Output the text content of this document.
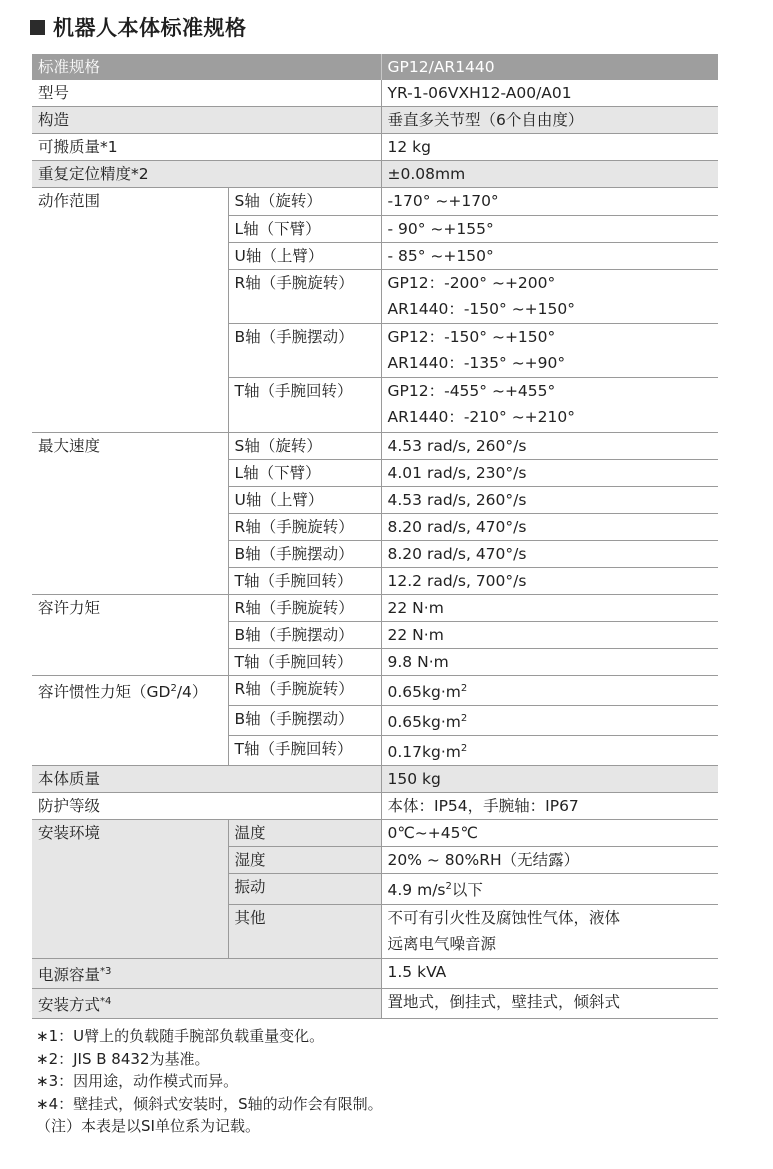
机器人本体标准规格
标准规格		GP12/AR1440
型号		YR-1-06VXH12-A00/A01
构造		垂直多关节型（6个自由度）
可搬质量*1		12 kg
重复定位精度*2		±0.08mm
动作范围	S轴（旋转）	-170° ~+170°
	L轴（下臂）	- 90° ~+155°
	U轴（上臂）	- 85° ~+150°
	R轴（手腕旋转）	GP12：-200° ~+200°
AR1440：-150° ~+150°

	B轴（手腕摆动）	GP12：-150° ~+150°
AR1440：-135° ~+90°

	T轴（手腕回转）	GP12：-455° ~+455°
AR1440：-210° ~+210°

最大速度	S轴（旋转）	4.53 rad/s, 260°/s
	L轴（下臂）	4.01 rad/s, 230°/s
	U轴（上臂）	4.53 rad/s, 260°/s
	R轴（手腕旋转）	8.20 rad/s, 470°/s
	B轴（手腕摆动）	8.20 rad/s, 470°/s
	T轴（手腕回转）	12.2 rad/s, 700°/s
容许力矩	R轴（手腕旋转）	22 N·m
	B轴（手腕摆动）	22 N·m
	T轴（手腕回转）	9.8 N·m
容许惯性力矩$(GD^2/4)$	R轴（手腕旋转）	$0.65kg\cdot m^2$
	B轴（手腕摆动）	$0.65kg\cdot m^2$
	T轴（手腕回转）	$0.17kg\cdot m^2$
本体质量		150 kg
防护等级		本体：IP54，手腕轴：IP67
安装环境	温度	0℃~+45℃
	湿度	20% ~ 80%RH（无结露）
	振动	4.9 $m/s^2$以下
	其他	不可有引火性及腐蚀性气体，液体
远离电气噪音源

电源容量$^{*3}$		1.5 kVA
安装方式$^{*4}$		置地式，倒挂式，壁挂式，倾斜式
∗1：U臂上的负载随手腕部负载重量变化。
∗2：JIS B 8432为基准。
∗3：因用途，动作模式而异。
∗4：壁挂式，倾斜式安装时，S轴的动作会有限制。
（注）本表是以SI单位系为记载。
